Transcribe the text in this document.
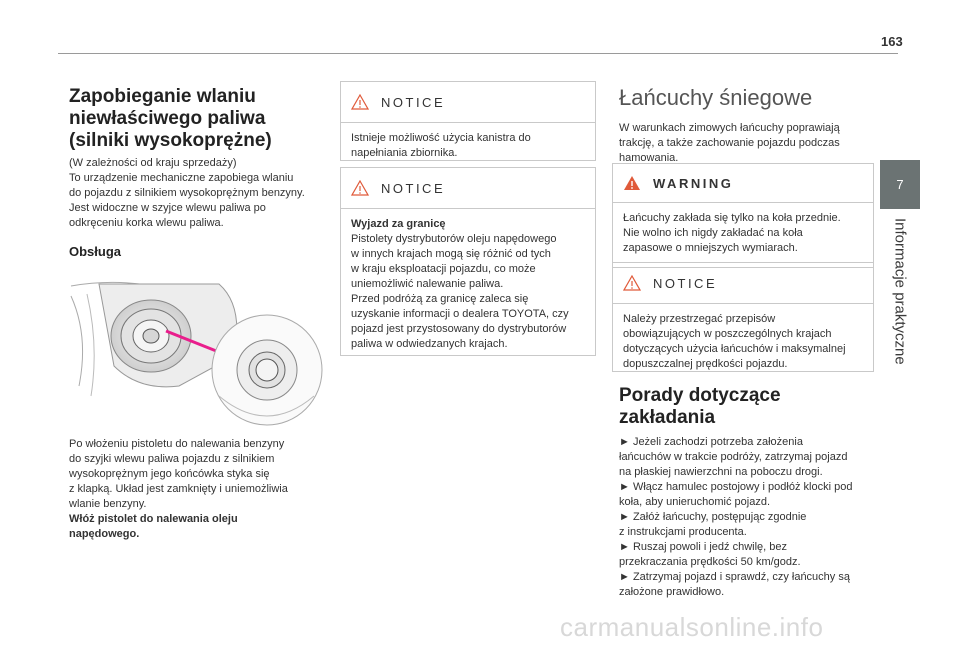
163
7
Informacje praktyczne
Zapobieganie wlaniu
niewłaściwego paliwa
(silniki wysokoprężne)
(W zależności od kraju sprzedaży)
To urządzenie mechaniczne zapobiega wlaniu
do pojazdu z silnikiem wysokoprężnym benzyny.
Jest widoczne w szyjce wlewu paliwa po
odkręceniu korka wlewu paliwa.
Obsługa
Po włożeniu pistoletu do nalewania benzyny
do szyjki wlewu paliwa pojazdu z silnikiem
wysokoprężnym jego końcówka styka się
z klapką. Układ jest zamknięty i uniemożliwia
wlanie benzyny.
Włóż pistolet do nalewania oleju
napędowego.
NOTICE
Istnieje możliwość użycia kanistra do
napełniania zbiornika.
NOTICE
Wyjazd za granicę
Pistolety dystrybutorów oleju napędowego
w innych krajach mogą się różnić od tych
w kraju eksploatacji pojazdu, co może
uniemożliwić nalewanie paliwa.
Przed podróżą za granicę zaleca się
uzyskanie informacji o dealera TOYOTA, czy
pojazd jest przystosowany do dystrybutorów
paliwa w odwiedzanych krajach.
Łańcuchy śniegowe
W warunkach zimowych łańcuchy poprawiają
trakcję, a także zachowanie pojazdu podczas
hamowania.
WARNING
Łańcuchy zakłada się tylko na koła przednie.
Nie wolno ich nigdy zakładać na koła
zapasowe o mniejszych wymiarach.
NOTICE
Należy przestrzegać przepisów
obowiązujących w poszczególnych krajach
dotyczących użycia łańcuchów i maksymalnej
dopuszczalnej prędkości pojazdu.
Porady dotyczące
zakładania
► Jeżeli zachodzi potrzeba założenia
łańcuchów w trakcie podróży, zatrzymaj pojazd
na płaskiej nawierzchni na poboczu drogi.
► Włącz hamulec postojowy i podłóż klocki pod
koła, aby unieruchomić pojazd.
► Załóż łańcuchy, postępując zgodnie
z instrukcjami producenta.
► Ruszaj powoli i jedź chwilę, bez
przekraczania prędkości 50 km/godz.
► Zatrzymaj pojazd i sprawdź, czy łańcuchy są
założone prawidłowo.
carmanualsonline.info
